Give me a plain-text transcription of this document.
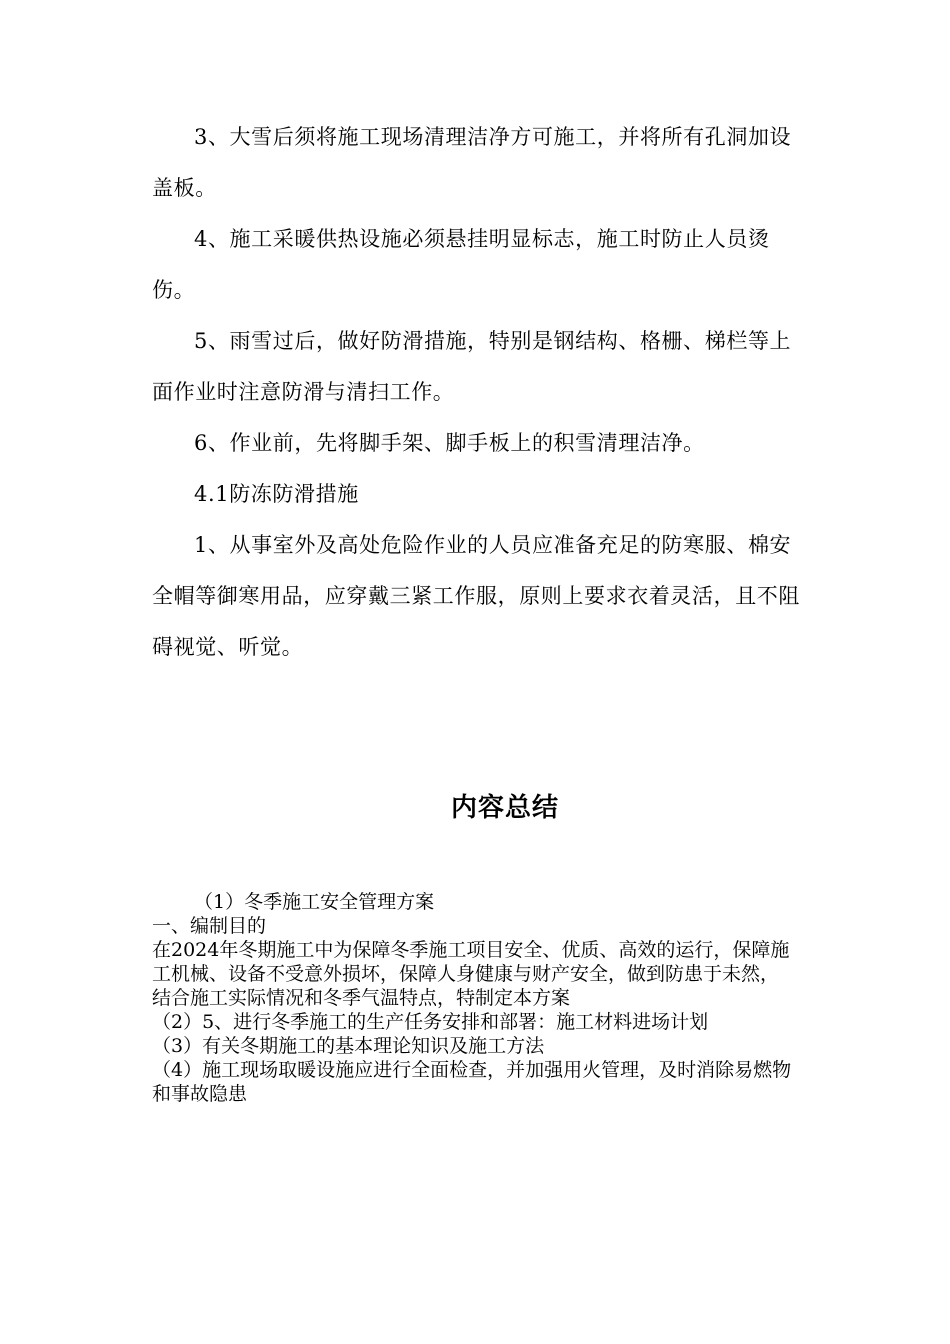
3、大雪后须将施工现场清理洁净方可施工，并将所有孔洞加设盖板。

4、施工采暖供热设施必须悬挂明显标志，施工时防止人员烫伤。

5、雨雪过后，做好防滑措施，特别是钢结构、格栅、梯栏等上面作业时注意防滑与清扫工作。

6、作业前，先将脚手架、脚手板上的积雪清理洁净。

4.1防冻防滑措施

1、从事室外及高处危险作业的人员应准备充足的防寒服、棉安全帽等御寒用品，应穿戴三紧工作服，原则上要求衣着灵活，且不阻碍视觉、听觉。

内容总结

（1）冬季施工安全管理方案

一、编制目的

在2024年冬期施工中为保障冬季施工项目安全、优质、高效的运行，保障施工机械、设备不受意外损坏，保障人身健康与财产安全，做到防患于未然，结合施工实际情况和冬季气温特点，特制定本方案

（2）5、进行冬季施工的生产任务安排和部署：施工材料进场计划

（3）有关冬期施工的基本理论知识及施工方法

（4）施工现场取暖设施应进行全面检查，并加强用火管理，及时消除易燃物和事故隐患
